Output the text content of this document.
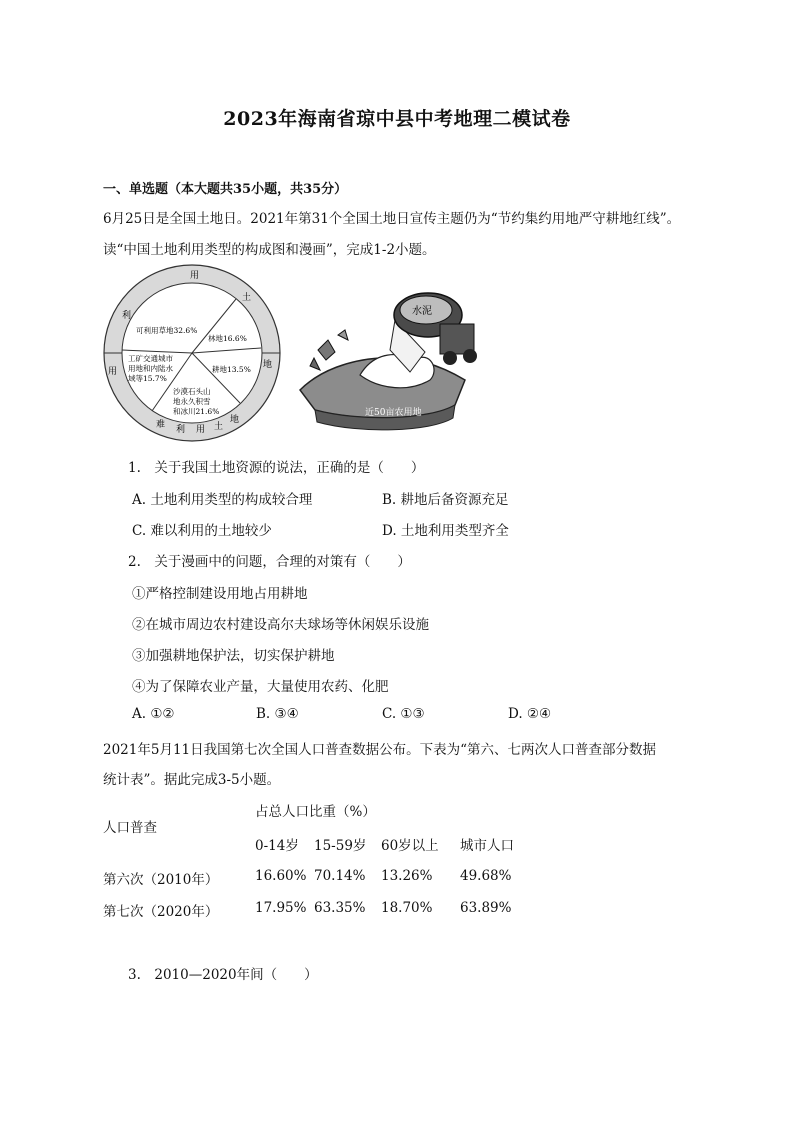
2023年海南省琼中县中考地理二模试卷
一、单选题（本大题共35小题，共35分）
6月25日是全国土地日。2021年第31个全国土地日宣传主题仍为“节约集约用地严守耕地红线”。
读“中国土地利用类型的构成图和漫画”，完成1-2小题。
用
土
地
利
用
难 利 用 土
地
可利用草地32.6%
林地16.6%
耕地13.5%
沙漠石头山地永久积雪和冰川21.6%
工矿交通城市用地和内陆水域等15.7%
水泥
近50亩农用地
1.　关于我国土地资源的说法，正确的是（　　）
A. 土地利用类型的构成较合理	B. 耕地后备资源充足
C. 难以利用的土地较少	D. 土地利用类型齐全
2.　关于漫画中的问题，合理的对策有（　　）
①严格控制建设用地占用耕地
②在城市周边农村建设高尔夫球场等休闲娱乐设施
③加强耕地保护法，切实保护耕地
④为了保障农业产量，大量使用农药、化肥
A. ①②	B. ③④	C. ①③	D. ②④
2021年5月11日我国第七次全国人口普查数据公布。下表为“第六、七两次人口普查部分数据
统计表”。据此完成3-5小题。
占总人口比重（%）
人口普查
0-14岁 15-59岁 60岁以上 城市人口
第六次（2010年）	16.60% 70.14% 13.26% 49.68%
第七次（2020年）	17.95% 63.35% 18.70% 63.89%
3.　2010—2020年间（　　）
